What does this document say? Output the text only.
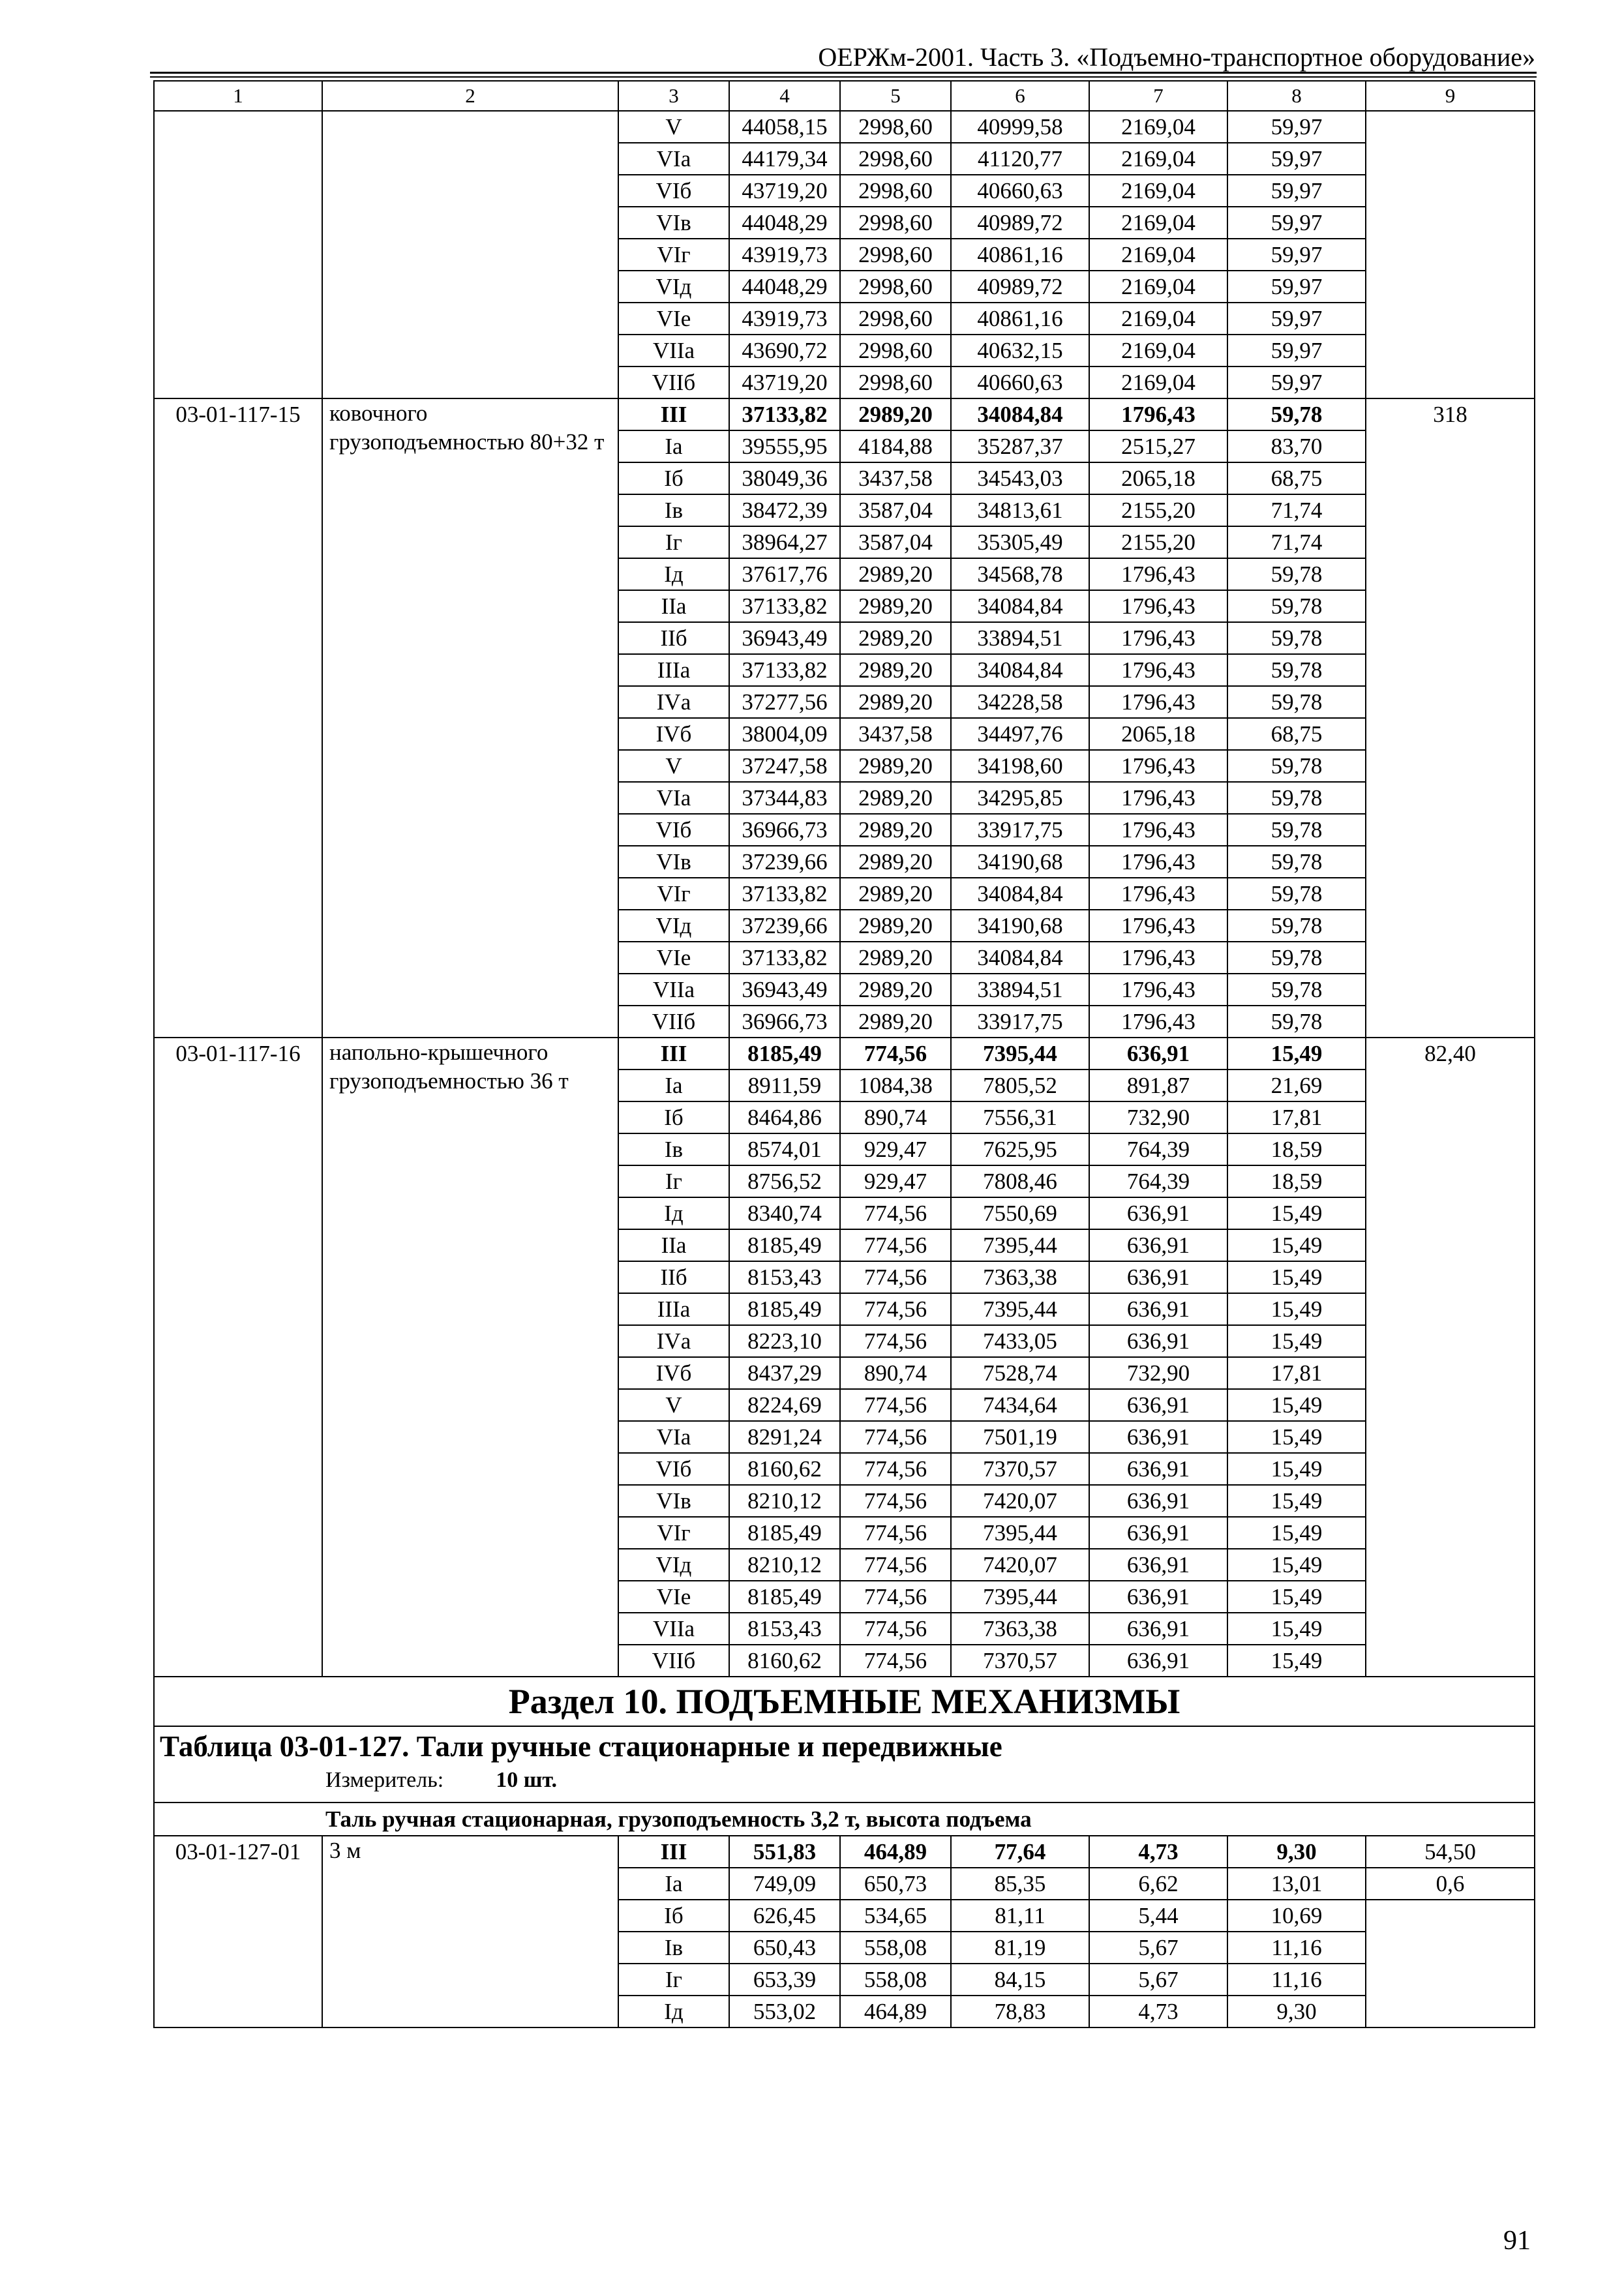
ОЕРЖм-2001. Часть 3. «Подъемно-транспортное оборудование»
1	2	3	4	5	6	7	8	9
		V	44058,15	2998,60	40999,58	2169,04	59,97	
		VIа	44179,34	2998,60	41120,77	2169,04	59,97	
		VIб	43719,20	2998,60	40660,63	2169,04	59,97	
		VIв	44048,29	2998,60	40989,72	2169,04	59,97	
		VIг	43919,73	2998,60	40861,16	2169,04	59,97	
		VIд	44048,29	2998,60	40989,72	2169,04	59,97	
		VIе	43919,73	2998,60	40861,16	2169,04	59,97	
		VIIа	43690,72	2998,60	40632,15	2169,04	59,97	
		VIIб	43719,20	2998,60	40660,63	2169,04	59,97	
03-01-117-15	ковочного грузоподъемностью 80+32 т	III	37133,82	2989,20	34084,84	1796,43	59,78	318
		Iа	39555,95	4184,88	35287,37	2515,27	83,70	
		Iб	38049,36	3437,58	34543,03	2065,18	68,75	
		Iв	38472,39	3587,04	34813,61	2155,20	71,74	
		Iг	38964,27	3587,04	35305,49	2155,20	71,74	
		Iд	37617,76	2989,20	34568,78	1796,43	59,78	
		IIа	37133,82	2989,20	34084,84	1796,43	59,78	
		IIб	36943,49	2989,20	33894,51	1796,43	59,78	
		IIIа	37133,82	2989,20	34084,84	1796,43	59,78	
		IVа	37277,56	2989,20	34228,58	1796,43	59,78	
		IVб	38004,09	3437,58	34497,76	2065,18	68,75	
		V	37247,58	2989,20	34198,60	1796,43	59,78	
		VIа	37344,83	2989,20	34295,85	1796,43	59,78	
		VIб	36966,73	2989,20	33917,75	1796,43	59,78	
		VIв	37239,66	2989,20	34190,68	1796,43	59,78	
		VIг	37133,82	2989,20	34084,84	1796,43	59,78	
		VIд	37239,66	2989,20	34190,68	1796,43	59,78	
		VIе	37133,82	2989,20	34084,84	1796,43	59,78	
		VIIа	36943,49	2989,20	33894,51	1796,43	59,78	
		VIIб	36966,73	2989,20	33917,75	1796,43	59,78	
03-01-117-16	напольно-крышечного грузоподъемностью 36 т	III	8185,49	774,56	7395,44	636,91	15,49	82,40
		Iа	8911,59	1084,38	7805,52	891,87	21,69	
		Iб	8464,86	890,74	7556,31	732,90	17,81	
		Iв	8574,01	929,47	7625,95	764,39	18,59	
		Iг	8756,52	929,47	7808,46	764,39	18,59	
		Iд	8340,74	774,56	7550,69	636,91	15,49	
		IIа	8185,49	774,56	7395,44	636,91	15,49	
		IIб	8153,43	774,56	7363,38	636,91	15,49	
		IIIа	8185,49	774,56	7395,44	636,91	15,49	
		IVа	8223,10	774,56	7433,05	636,91	15,49	
		IVб	8437,29	890,74	7528,74	732,90	17,81	
		V	8224,69	774,56	7434,64	636,91	15,49	
		VIа	8291,24	774,56	7501,19	636,91	15,49	
		VIб	8160,62	774,56	7370,57	636,91	15,49	
		VIв	8210,12	774,56	7420,07	636,91	15,49	
		VIг	8185,49	774,56	7395,44	636,91	15,49	
		VIд	8210,12	774,56	7420,07	636,91	15,49	
		VIе	8185,49	774,56	7395,44	636,91	15,49	
		VIIа	8153,43	774,56	7363,38	636,91	15,49	
		VIIб	8160,62	774,56	7370,57	636,91	15,49	
Раздел 10. ПОДЪЕМНЫЕ МЕХАНИЗМЫ								

Таблица 03-01-127. Тали ручные стационарные и передвижные
Измеритель: 10 шт.								

Таль ручная стационарная, грузоподъемность 3,2 т, высота подъема								
03-01-127-01	3 м	III	551,83	464,89	77,64	4,73	9,30	54,50
		Iа	749,09	650,73	85,35	6,62	13,01	0,6
		Iб	626,45	534,65	81,11	5,44	10,69	
		Iв	650,43	558,08	81,19	5,67	11,16	
		Iг	653,39	558,08	84,15	5,67	11,16	
		Iд	553,02	464,89	78,83	4,73	9,30	
91
